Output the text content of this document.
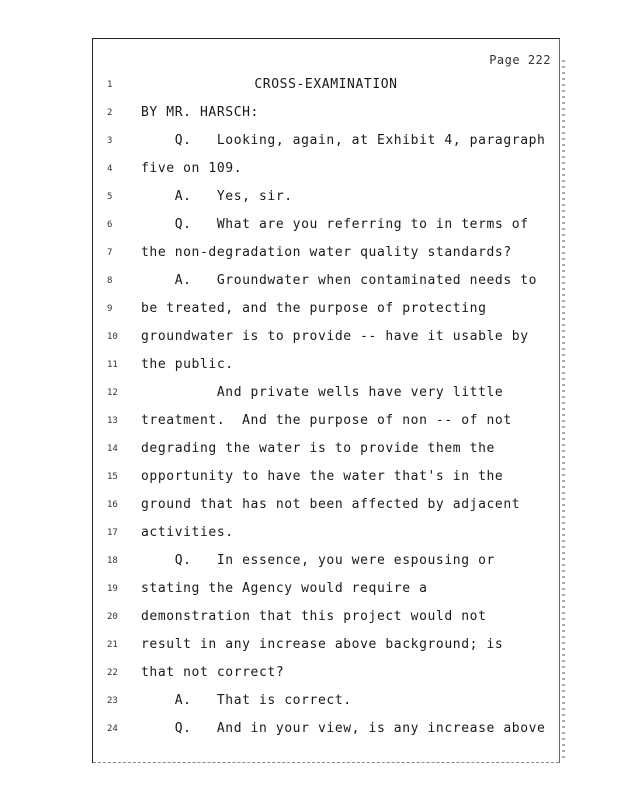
Page 222
1	CROSS-EXAMINATION
2	BY MR. HARSCH:
3	Q.   Looking, again, at Exhibit 4, paragraph
4	five on 109.
5	A.   Yes, sir.
6	Q.   What are you referring to in terms of
7	the non-degradation water quality standards?
8	A.   Groundwater when contaminated needs to
9	be treated, and the purpose of protecting
10	groundwater is to provide -- have it usable by
11	the public.
12	And private wells have very little
13	treatment.  And the purpose of non -- of not
14	degrading the water is to provide them the
15	opportunity to have the water that's in the
16	ground that has not been affected by adjacent
17	activities.
18	Q.   In essence, you were espousing or
19	stating the Agency would require a
20	demonstration that this project would not
21	result in any increase above background; is
22	that not correct?
23	A.   That is correct.
24	Q.   And in your view, is any increase above
